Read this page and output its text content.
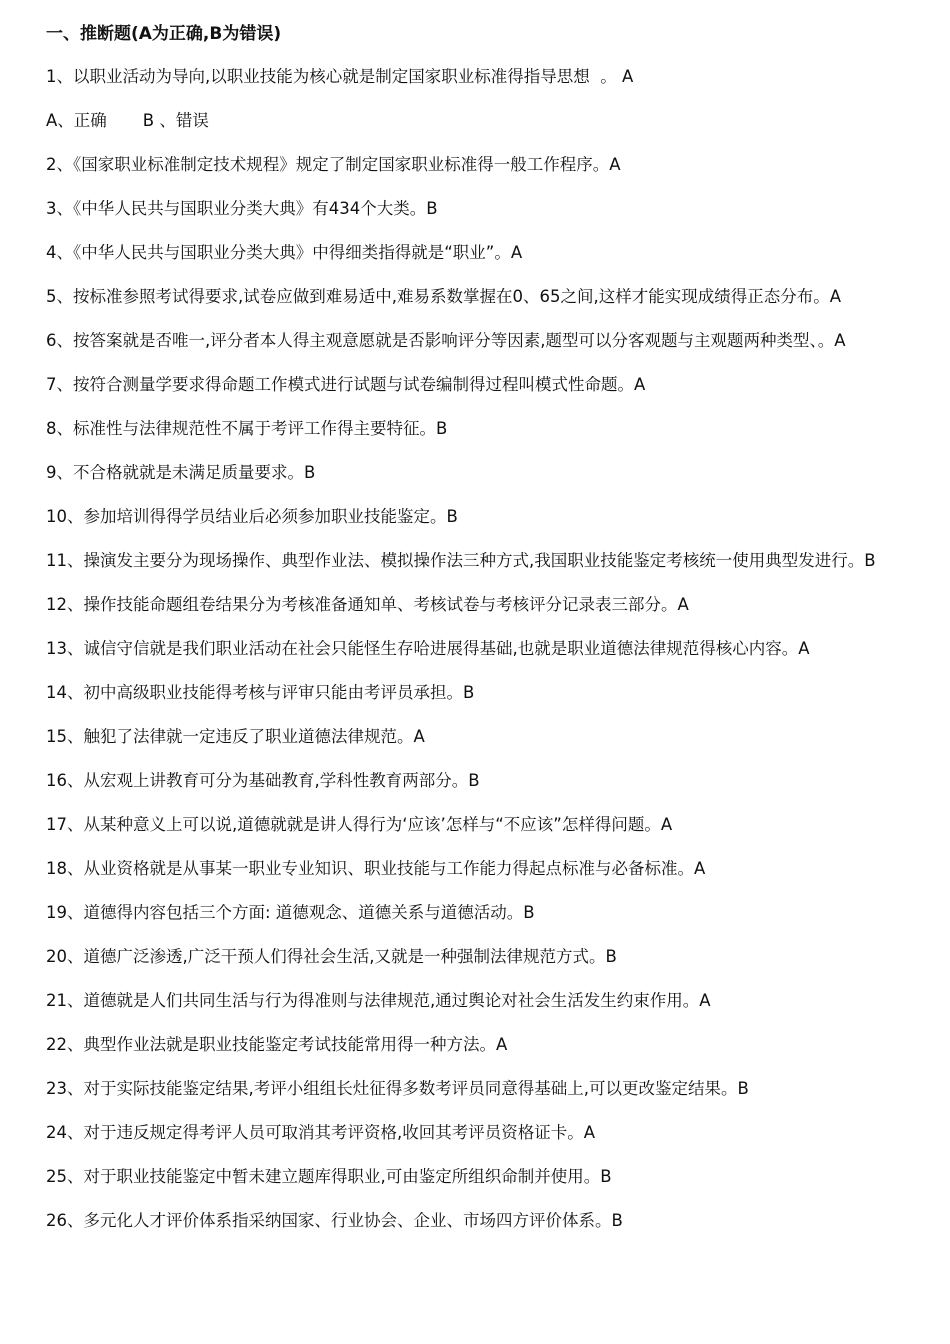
一、推断题(A为正确,B为错误)
1、以职业活动为导向,以职业技能为核心就是制定国家职业标准得指导思想  。 A
A、正确 B 、错误
2、《国家职业标准制定技术规程》规定了制定国家职业标准得一般工作程序。A
3、《中华人民共与国职业分类大典》有434个大类。B
4、《中华人民共与国职业分类大典》中得细类指得就是“职业”。A
5、按标准参照考试得要求,试卷应做到难易适中,难易系数掌握在0、65之间,这样才能实现成绩得正态分布。A
6、按答案就是否唯一,评分者本人得主观意愿就是否影响评分等因素,题型可以分客观题与主观题两种类型、。A
7、按符合测量学要求得命题工作模式进行试题与试卷编制得过程叫模式性命题。A
8、标准性与法律规范性不属于考评工作得主要特征。B
9、不合格就就是未满足质量要求。B
10、参加培训得得学员结业后必须参加职业技能鉴定。B
11、操演发主要分为现场操作、典型作业法、模拟操作法三种方式,我国职业技能鉴定考核统一使用典型发进行。B
12、操作技能命题组卷结果分为考核准备通知单、考核试卷与考核评分记录表三部分。A
13、诚信守信就是我们职业活动在社会只能怪生存哈进展得基础,也就是职业道德法律规范得核心内容。A
14、初中高级职业技能得考核与评审只能由考评员承担。B
15、触犯了法律就一定违反了职业道德法律规范。A
16、从宏观上讲教育可分为基础教育,学科性教育两部分。B
17、从某种意义上可以说,道德就就是讲人得行为‘应该’怎样与“不应该”怎样得问题。A
18、从业资格就是从事某一职业专业知识、职业技能与工作能力得起点标准与必备标准。A
19、道德得内容包括三个方面: 道德观念、道德关系与道德活动。B
20、道德广泛渗透,广泛干预人们得社会生活,又就是一种强制法律规范方式。B
21、道德就是人们共同生活与行为得准则与法律规范,通过舆论对社会生活发生约束作用。A
22、典型作业法就是职业技能鉴定考试技能常用得一种方法。A
23、对于实际技能鉴定结果,考评小组组长灶征得多数考评员同意得基础上,可以更改鉴定结果。B
24、对于违反规定得考评人员可取消其考评资格,收回其考评员资格证卡。A
25、对于职业技能鉴定中暂未建立题库得职业,可由鉴定所组织命制并使用。B
26、多元化人才评价体系指采纳国家、行业协会、企业、市场四方评价体系。B
